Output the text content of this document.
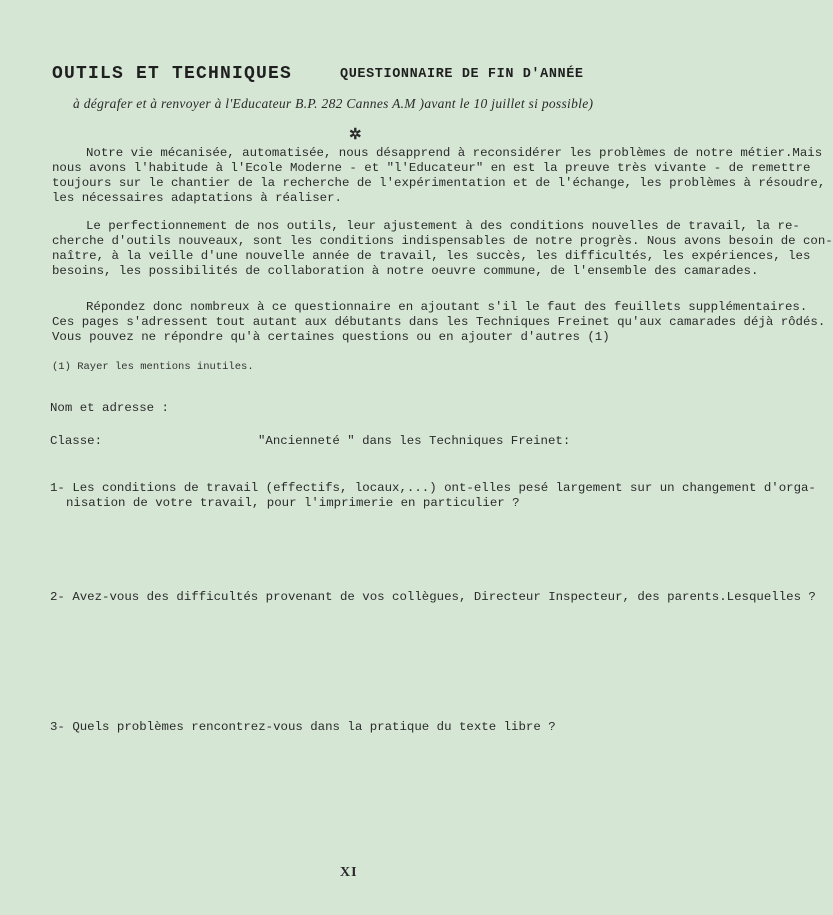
OUTILS ET TECHNIQUES	QUESTIONNAIRE DE FIN D'ANNÉE
à dégrafer et à renvoyer à l'Educateur B.P. 282 Cannes A.M )avant le 10 juillet si possible)
✲
Notre vie mécanisée, automatisée, nous désapprend à reconsidérer les problèmes de notre métier.Mais
nous avons l'habitude à l'Ecole Moderne - et "l'Educateur" en est la preuve très vivante - de remettre
toujours sur le chantier de la recherche de l'expérimentation et de l'échange, les problèmes à résoudre,
les nécessaires adaptations à réaliser.
Le perfectionnement de nos outils, leur ajustement à des conditions nouvelles de travail, la re-
cherche d'outils nouveaux, sont les conditions indispensables de notre progrès. Nous avons besoin de con-
naître, à la veille d'une nouvelle année de travail, les succès, les difficultés, les expériences, les
besoins, les possibilités de collaboration à notre oeuvre commune, de l'ensemble des camarades.
Répondez donc nombreux à ce questionnaire en ajoutant s'il le faut des feuillets supplémentaires.
Ces pages s'adressent tout autant aux débutants dans les Techniques Freinet qu'aux camarades déjà rôdés.
Vous pouvez ne répondre qu'à certaines questions ou en ajouter d'autres (1)
(1) Rayer les mentions inutiles.
Nom et adresse :
Classe:	"Ancienneté " dans les Techniques Freinet:
1- Les conditions de travail (effectifs, locaux,...) ont-elles pesé largement sur un changement d'orga-
nisation de votre travail, pour l'imprimerie en particulier ?
2- Avez-vous des difficultés provenant de vos collègues, Directeur Inspecteur, des parents.Lesquelles ?
3- Quels problèmes rencontrez-vous dans la pratique du texte libre ?
XI
